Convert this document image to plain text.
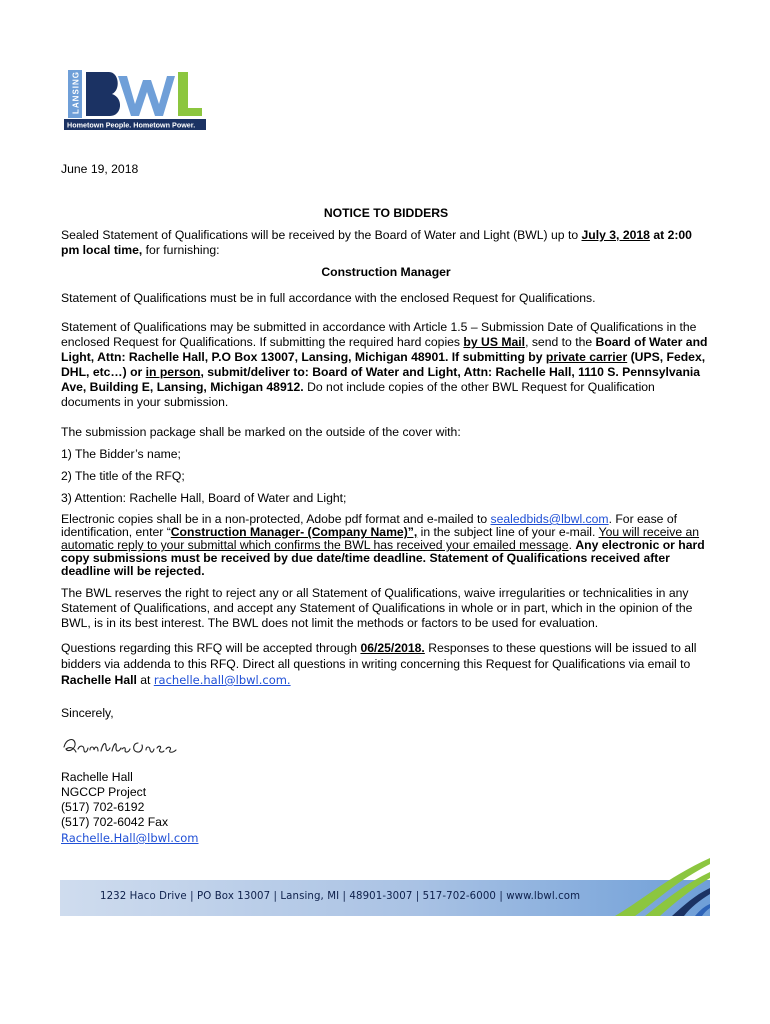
LANSING
Hometown People. Hometown Power.

June 19, 2018

NOTICE TO BIDDERS

Sealed Statement of Qualifications will be received by the Board of Water and Light (BWL) up to July 3, 2018 at 2:00 pm local time, for furnishing:

Construction Manager

Statement of Qualifications must be in full accordance with the enclosed Request for Qualifications.

Statement of Qualifications may be submitted in accordance with Article 1.5 – Submission Date of Qualifications in the enclosed Request for Qualifications. If submitting the required hard copies by US Mail, send to the Board of Water and Light, Attn: Rachelle Hall, P.O Box 13007, Lansing, Michigan 48901. If submitting by private carrier (UPS, Fedex, DHL, etc…) or in person, submit/deliver to: Board of Water and Light, Attn: Rachelle Hall, 1110 S. Pennsylvania Ave, Building E, Lansing, Michigan 48912. Do not include copies of the other BWL Request for Qualification documents in your submission.

The submission package shall be marked on the outside of the cover with:

1) The Bidder’s name;

2) The title of the RFQ;

3) Attention: Rachelle Hall, Board of Water and Light;

Electronic copies shall be in a non-protected, Adobe pdf format and e-mailed to sealedbids@lbwl.com. For ease of identification, enter “Construction Manager- (Company Name)”, in the subject line of your e-mail. You will receive an automatic reply to your submittal which confirms the BWL has received your emailed message. Any electronic or hard copy submissions must be received by due date/time deadline. Statement of Qualifications received after deadline will be rejected.

The BWL reserves the right to reject any or all Statement of Qualifications, waive irregularities or technicalities in any Statement of Qualifications, and accept any Statement of Qualifications in whole or in part, which in the opinion of the BWL, is in its best interest. The BWL does not limit the methods or factors to be used for evaluation.

Questions regarding this RFQ will be accepted through 06/25/2018. Responses to these questions will be issued to all bidders via addenda to this RFQ. Direct all questions in writing concerning this Request for Qualifications via email to Rachelle Hall at rachelle.hall@lbwl.com.

Sincerely,

Rachelle Hall

NGCCP Project

(517) 702-6192

(517) 702-6042 Fax

Rachelle.Hall@lbwl.com

1232 Haco Drive | PO Box 13007 | Lansing, MI | 48901-3007 | 517-702-6000 | www.lbwl.com
